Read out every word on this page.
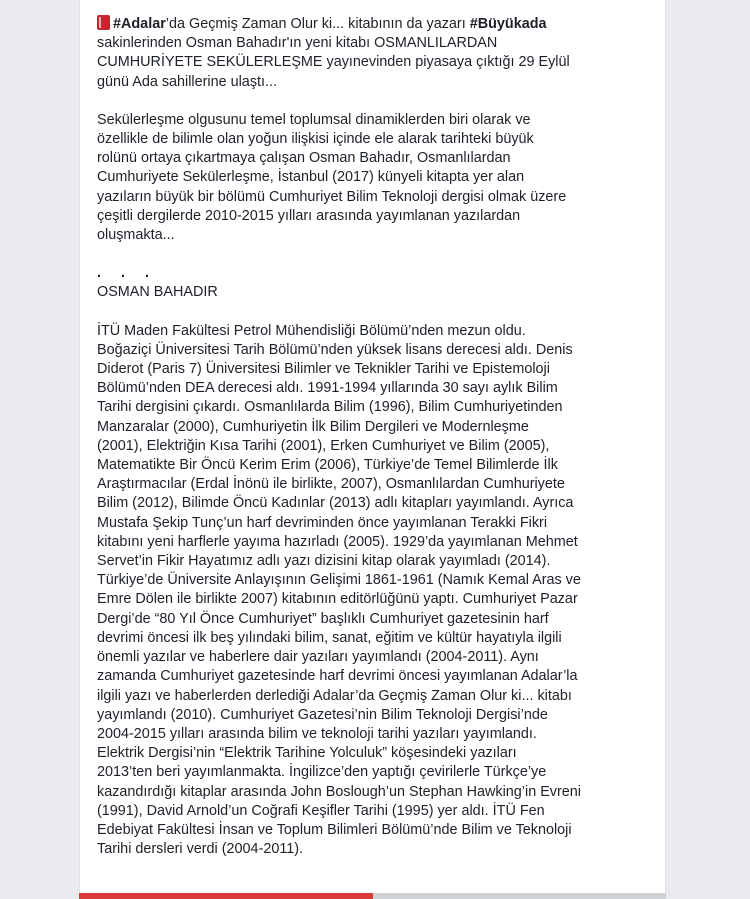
#Adalar’da Geçmiş Zaman Olur ki... kitabının da yazarı #Büyükada
sakinlerinden Osman Bahadır'ın yeni kitabı OSMANLILARDAN
CUMHURİYETE SEKÜLERLEŞME yayınevinden piyasaya çıktığı 29 Eylül
günü Ada sahillerine ulaştı...

Sekülerleşme olgusunu temel toplumsal dinamiklerden biri olarak ve
özellikle de bilimle olan yoğun ilişkisi içinde ele alarak tarihteki büyük
rolünü ortaya çıkartmaya çalışan Osman Bahadır, Osmanlılardan
Cumhuriyete Sekülerleşme, İstanbul (2017) künyeli kitapta yer alan
yazıların büyük bir bölümü Cumhuriyet Bilim Teknoloji dergisi olmak üzere
çeşitli dergilerde 2010-2015 yılları arasında yayımlanan yazılardan
oluşmakta...

. . .

OSMAN BAHADIR

İTÜ Maden Fakültesi Petrol Mühendisliği Bölümü’nden mezun oldu.
Boğaziçi Üniversitesi Tarih Bölümü’nden yüksek lisans derecesi aldı. Denis
Diderot (Paris 7) Üniversitesi Bilimler ve Teknikler Tarihi ve Epistemoloji
Bölümü’nden DEA derecesi aldı. 1991-1994 yıllarında 30 sayı aylık Bilim
Tarihi dergisini çıkardı. Osmanlılarda Bilim (1996), Bilim Cumhuriyetinden
Manzaralar (2000), Cumhuriyetin İlk Bilim Dergileri ve Modernleşme
(2001), Elektriğin Kısa Tarihi (2001), Erken Cumhuriyet ve Bilim (2005),
Matematikte Bir Öncü Kerim Erim (2006), Türkiye’de Temel Bilimlerde İlk
Araştırmacılar (Erdal İnönü ile birlikte, 2007), Osmanlılardan Cumhuriyete
Bilim (2012), Bilimde Öncü Kadınlar (2013) adlı kitapları yayımlandı. Ayrıca
Mustafa Şekip Tunç’un harf devriminden önce yayımlanan Terakki Fikri
kitabını yeni harflerle yayıma hazırladı (2005). 1929’da yayımlanan Mehmet
Servet’in Fikir Hayatımız adlı yazı dizisini kitap olarak yayımladı (2014).
Türkiye’de Üniversite Anlayışının Gelişimi 1861-1961 (Namık Kemal Aras ve
Emre Dölen ile birlikte 2007) kitabının editörlüğünü yaptı. Cumhuriyet Pazar
Dergi’de “80 Yıl Önce Cumhuriyet” başlıklı Cumhuriyet gazetesinin harf
devrimi öncesi ilk beş yılındaki bilim, sanat, eğitim ve kültür hayatıyla ilgili
önemli yazılar ve haberlere dair yazıları yayımlandı (2004-2011). Aynı
zamanda Cumhuriyet gazetesinde harf devrimi öncesi yayımlanan Adalar’la
ilgili yazı ve haberlerden derlediği Adalar’da Geçmiş Zaman Olur ki... kitabı
yayımlandı (2010). Cumhuriyet Gazetesi’nin Bilim Teknoloji Dergisi’nde
2004-2015 yılları arasında bilim ve teknoloji tarihi yazıları yayımlandı.
Elektrik Dergisi’nin “Elektrik Tarihine Yolculuk” köşesindeki yazıları
2013’ten beri yayımlanmakta. İngilizce’den yaptığı çevirilerle Türkçe’ye
kazandırdığı kitaplar arasında John Boslough’un Stephan Hawking’in Evreni
(1991), David Arnold’un Coğrafi Keşifler Tarihi (1995) yer aldı. İTÜ Fen
Edebiyat Fakültesi İnsan ve Toplum Bilimleri Bölümü’nde Bilim ve Teknoloji
Tarihi dersleri verdi (2004-2011).
